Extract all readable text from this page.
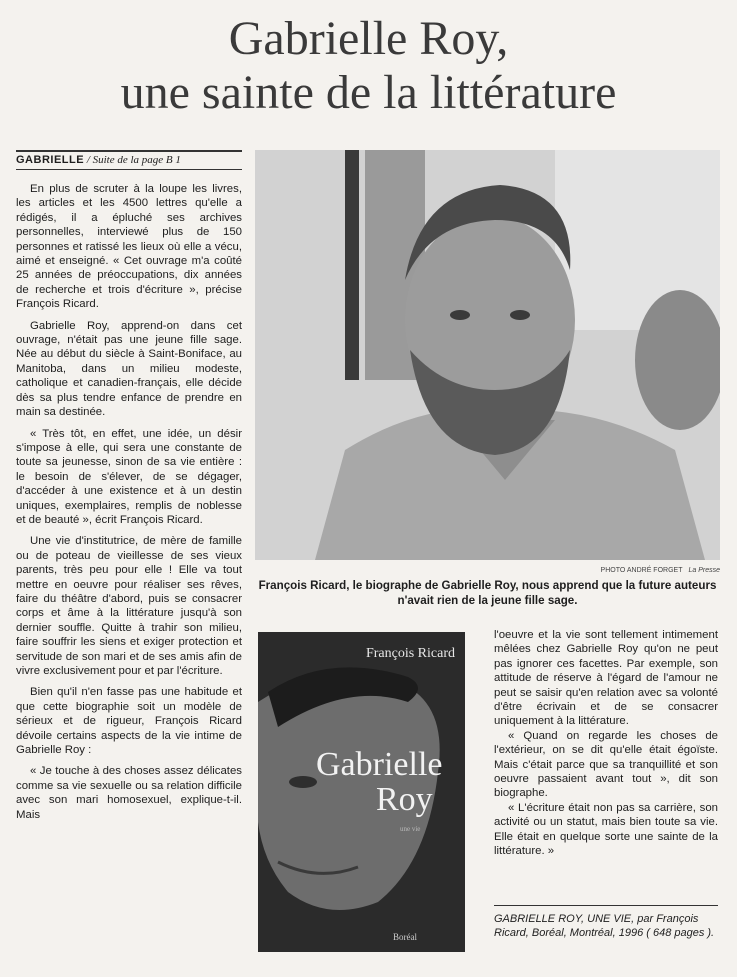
Gabrielle Roy,
une sainte de la littérature
GABRIELLE / Suite de la page B 1

En plus de scruter à la loupe les livres, les articles et les 4500 lettres qu'elle a rédigés, il a épluché ses archives personnelles, interviewé plus de 150 personnes et ratissé les lieux où elle a vécu, aimé et enseigné. « Cet ouvrage m'a coûté 25 années de préoccupations, dix années de recherche et trois d'écriture », précise François Ricard.

Gabrielle Roy, apprend-on dans cet ouvrage, n'était pas une jeune fille sage. Née au début du siècle à Saint-Boniface, au Manitoba, dans un milieu modeste, catholique et canadien-français, elle décide dès sa plus tendre enfance de prendre en main sa destinée.

« Très tôt, en effet, une idée, un désir s'impose à elle, qui sera une constante de toute sa jeunesse, sinon de sa vie entière : le besoin de s'élever, de se dégager, d'accéder à une existence et à un destin uniques, exemplaires, remplis de noblesse et de beauté », écrit François Ricard.

Une vie d'institutrice, de mère de famille ou de poteau de vieillesse de ses vieux parents, très peu pour elle ! Elle va tout mettre en oeuvre pour réaliser ses rêves, faire du théâtre d'abord, puis se consacrer corps et âme à la littérature jusqu'à son dernier souffle. Quitte à trahir son milieu, faire souffrir les siens et exiger protection et servitude de son mari et de ses amis afin de vivre exclusivement pour et par l'écriture.

Bien qu'il n'en fasse pas une habitude et que cette biographie soit un modèle de sérieux et de rigueur, François Ricard dévoile certains aspects de la vie intime de Gabrielle Roy :

« Je touche à des choses assez délicates comme sa vie sexuelle ou sa relation difficile avec son mari homosexuel, explique-t-il. Mais

PHOTO ANDRÉ FORGET La Presse
François Ricard, le biographe de Gabrielle Roy, nous apprend que la future auteurs n'avait rien de la jeune fille sage.
François Ricard
Gabrielle
Roy
une vie
Boréal

l'oeuvre et la vie sont tellement intimement mêlées chez Gabrielle Roy qu'on ne peut pas ignorer ces facettes. Par exemple, son attitude de réserve à l'égard de l'amour ne peut se saisir qu'en relation avec sa volonté d'être écrivain et de se consacrer uniquement à la littérature.

« Quand on regarde les choses de l'extérieur, on se dit qu'elle était égoïste. Mais c'était parce que sa tranquillité et son oeuvre passaient avant tout », dit son biographe.

« L'écriture était non pas sa carrière, son activité ou un statut, mais bien toute sa vie. Elle était en quelque sorte une sainte de la littérature. »

GABRIELLE ROY, UNE VIE, par François Ricard, Boréal, Montréal, 1996 ( 648 pages ).
